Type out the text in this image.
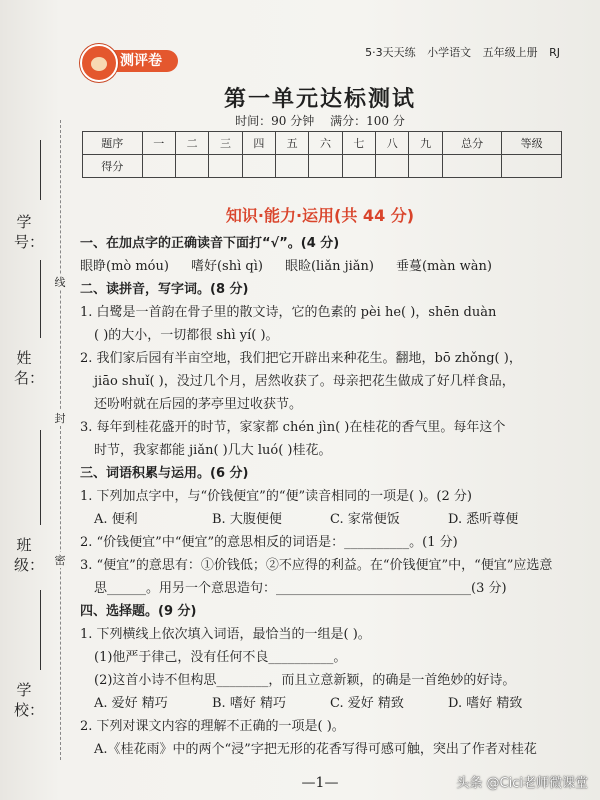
学号：
姓名：
班级：
学校：
线
封
密
测评卷
5·3天天练 小学语文 五年级上册 RJ
第一单元达标测试
时间：90 分钟 满分：100 分
题序	一	二	三	四	五	六	七	八	九	总分	等级
得分											
知识·能力·运用(共 44 分)
一、在加点字的正确读音下面打“√”。(4 分)
眼睁(mò móu) 嗜好(shì qì) 眼睑(liǎn jiǎn) 垂蔓(màn wàn)
二、读拼音，写字词。(8 分)
1. 白鹭是一首韵在骨子里的散文诗，它的色素的 pèi he( )，shēn duàn
( )的大小，一切都很 shì yí( )。
2. 我们家后园有半亩空地，我们把它开辟出来种花生。翻地，bō zhǒng( )，
jiāo shuǐ( )，没过几个月，居然收获了。母亲把花生做成了好几样食品，
还吩咐就在后园的茅亭里过收获节。
3. 每年到桂花盛开的时节，家家都 chén jìn( )在桂花的香气里。每年这个
时节，我家都能 jiǎn( )几大 luó( )桂花。
三、词语积累与运用。(6 分)
1. 下列加点字中，与“价钱便宜”的“便”读音相同的一项是( )。(2 分)
A. 便利	B. 大腹便便	C. 家常便饭	D. 悉听尊便
2. “价钱便宜”中“便宜”的意思相反的词语是：__________。(1 分)
3. “便宜”的意思有：①价钱低；②不应得的利益。在“价钱便宜”中，“便宜”应选意
思______。用另一个意思造句：______________________________(3 分)
四、选择题。(9 分)
1. 下列横线上依次填入词语，最恰当的一组是( )。
(1)他严于律己，没有任何不良__________。
(2)这首小诗不但构思________，而且立意新颖，的确是一首绝妙的好诗。
A. 爱好 精巧	B. 嗜好 精巧	C. 爱好 精致	D. 嗜好 精致
2. 下列对课文内容的理解不正确的一项是( )。
A.《桂花雨》中的两个“浸”字把无形的花香写得可感可触，突出了作者对桂花
—1—	头条 @Cici老师微课堂
